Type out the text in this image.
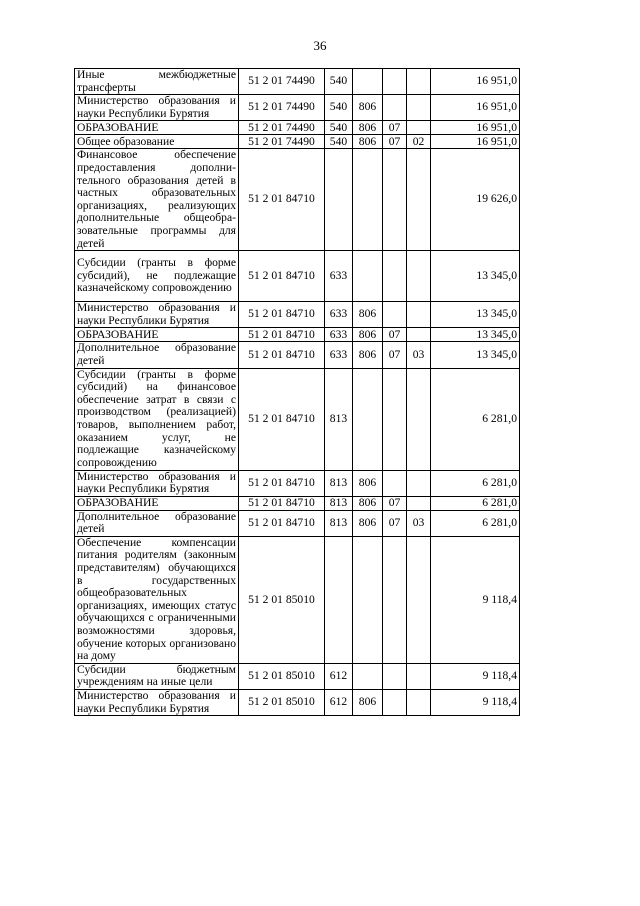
36
Иные межбюджетные трансферты	51 2 01 74490	540				16 951,0
Министерство образования и науки Республики Бурятия	51 2 01 74490	540	806			16 951,0
ОБРАЗОВАНИЕ	51 2 01 74490	540	806	07		16 951,0
Общее образование	51 2 01 74490	540	806	07	02	16 951,0
Финансовое обеспечение предоставления дополнительного образования детей в частных образовательных организациях, реализующих дополнительные общеобразовательные программы для детей	51 2 01 84710					19 626,0
Субсидии (гранты в форме субсидий), не подлежащие казначейскому сопровождению	51 2 01 84710	633				13 345,0
Министерство образования и науки Республики Бурятия	51 2 01 84710	633	806			13 345,0
ОБРАЗОВАНИЕ	51 2 01 84710	633	806	07		13 345,0
Дополнительное образование детей	51 2 01 84710	633	806	07	03	13 345,0
Субсидии (гранты в форме субсидий) на финансовое обеспечение затрат в связи с производством (реализацией) товаров, выполнением работ, оказанием услуг, не подлежащие казначейскому сопровождению	51 2 01 84710	813				6 281,0
Министерство образования и науки Республики Бурятия	51 2 01 84710	813	806			6 281,0
ОБРАЗОВАНИЕ	51 2 01 84710	813	806	07		6 281,0
Дополнительное образование детей	51 2 01 84710	813	806	07	03	6 281,0
Обеспечение компенсации питания родителям (законным представителям) обучающихся в государственных общеобразовательных организациях, имеющих статус обучающихся с ограниченными возможностями здоровья, обучение которых организовано на дому	51 2 01 85010					9 118,4
Субсидии бюджетным учреждениям на иные цели	51 2 01 85010	612				9 118,4
Министерство образования и науки Республики Бурятия	51 2 01 85010	612	806			9 118,4
